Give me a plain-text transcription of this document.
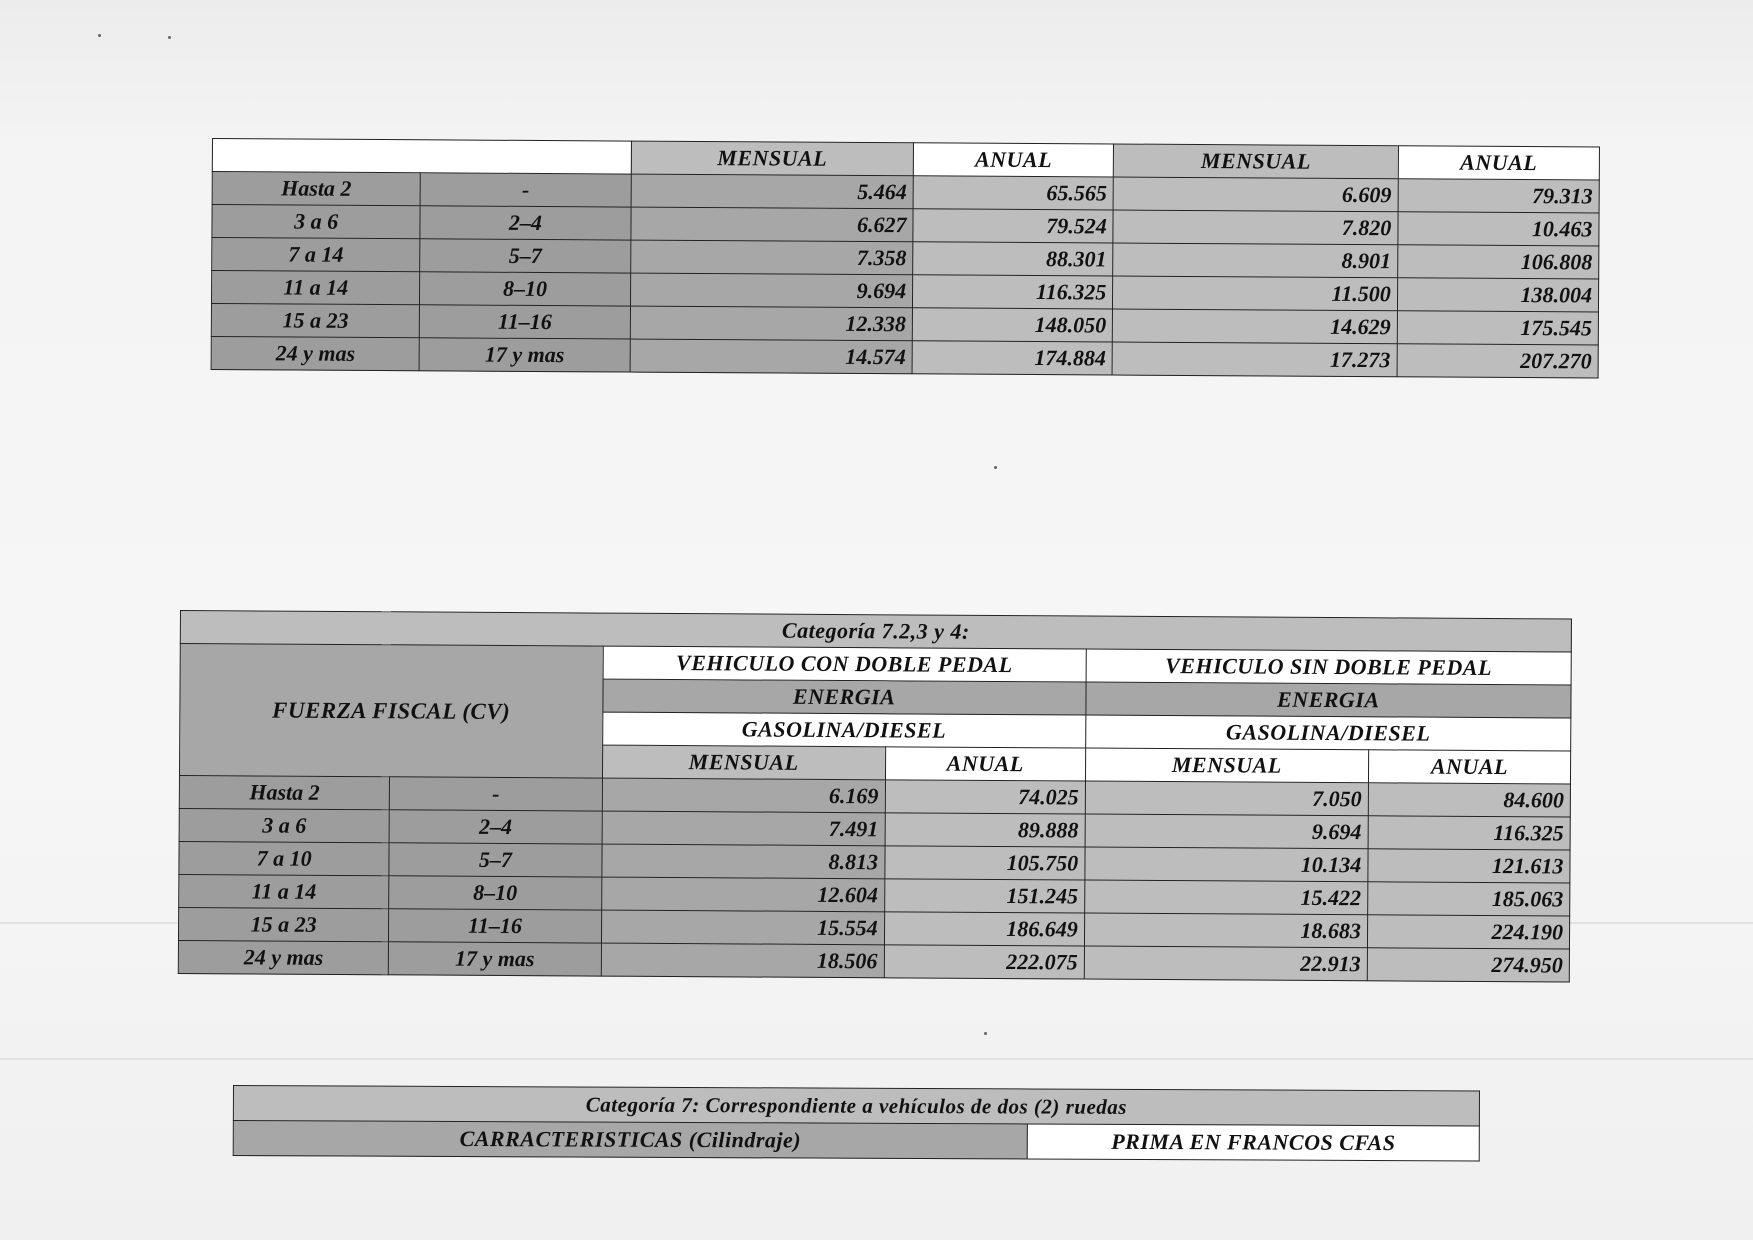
		MENSUAL	ANUAL	MENSUAL	ANUAL
Hasta 2	-	5.464	65.565	6.609	79.313
3 a 6	2–4	6.627	79.524	7.820	10.463
7 a 14	5–7	7.358	88.301	8.901	106.808
11 a 14	8–10	9.694	116.325	11.500	138.004
15 a 23	11–16	12.338	148.050	14.629	175.545
24 y mas	17 y mas	14.574	174.884	17.273	207.270
Categoría 7.2,3 y 4:					
FUERZA FISCAL (CV)		VEHICULO CON DOBLE PEDAL		VEHICULO SIN DOBLE PEDAL	
		ENERGIA		ENERGIA	
		GASOLINA/DIESEL		GASOLINA/DIESEL	
		MENSUAL	ANUAL	MENSUAL	ANUAL
Hasta 2	-	6.169	74.025	7.050	84.600
3 a 6	2–4	7.491	89.888	9.694	116.325
7 a 10	5–7	8.813	105.750	10.134	121.613
11 a 14	8–10	12.604	151.245	15.422	185.063
15 a 23	11–16	15.554	186.649	18.683	224.190
24 y mas	17 y mas	18.506	222.075	22.913	274.950
Categoría 7: Correspondiente a vehículos de dos (2) ruedas
CARRACTERISTICAS (Cilindraje)	PRIMA EN FRANCOS CFAS
